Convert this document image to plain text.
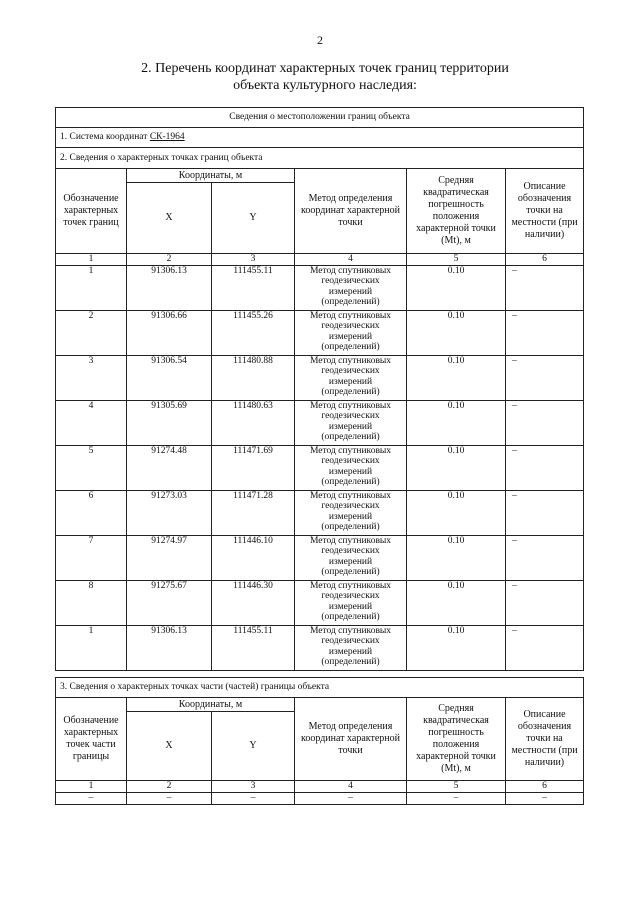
2
2. Перечень координат характерных точек границ территории
объекта культурного наследия:
Сведения о местоположении границ объекта					
1. Система координат СК-1964					
2. Сведения о характерных точках границ объекта					
Обозначение характерных точек границ	Координаты, м		Метод определения координат характерной точки	Средняя квадратическая погрешность положения характерной точки (Мt), м	Описание обозначения точки на местности (при наличии)
	X	Y			
1	2	3	4	5	6
1	91306.13	111455.11	Метод спутниковых
геодезических
измерений
(определений)	0.10	–
2	91306.66	111455.26	Метод спутниковых
геодезических
измерений
(определений)	0.10	–
3	91306.54	111480.88	Метод спутниковых
геодезических
измерений
(определений)	0.10	–
4	91305.69	111480.63	Метод спутниковых
геодезических
измерений
(определений)	0.10	–
5	91274.48	111471.69	Метод спутниковых
геодезических
измерений
(определений)	0.10	–
6	91273.03	111471.28	Метод спутниковых
геодезических
измерений
(определений)	0.10	–
7	91274.97	111446.10	Метод спутниковых
геодезических
измерений
(определений)	0.10	–
8	91275.67	111446.30	Метод спутниковых
геодезических
измерений
(определений)	0.10	–
1	91306.13	111455.11	Метод спутниковых
геодезических
измерений
(определений)	0.10	–
3. Сведения о характерных точках части (частей) границы объекта					
Обозначение характерных точек части границы	Координаты, м		Метод определения координат характерной точки	Средняя квадратическая погрешность положения характерной точки (Мt), м	Описание обозначения точки на местности (при наличии)
	X	Y			
1	2	3	4	5	6
–	–	–	–	–	–
